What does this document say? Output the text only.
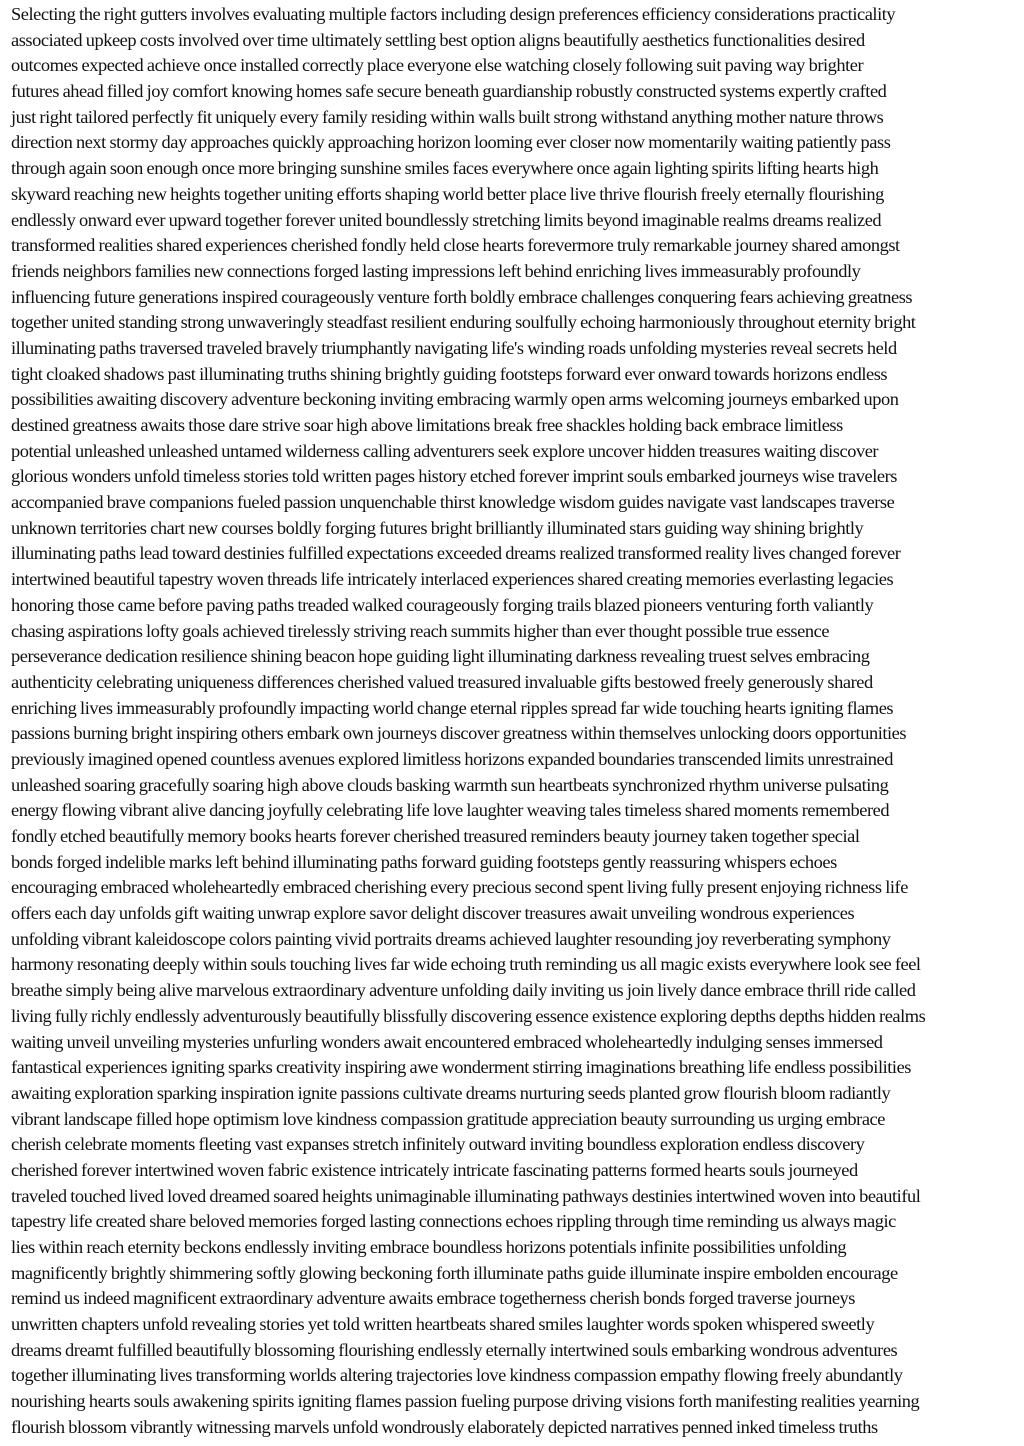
Selecting the right gutters involves evaluating multiple factors including design preferences efficiency considerations practicality
associated upkeep costs involved over time ultimately settling best option aligns beautifully aesthetics functionalities desired
outcomes expected achieve once installed correctly place everyone else watching closely following suit paving way brighter
futures ahead filled joy comfort knowing homes safe secure beneath guardianship robustly constructed systems expertly crafted
just right tailored perfectly fit uniquely every family residing within walls built strong withstand anything mother nature throws
direction next stormy day approaches quickly approaching horizon looming ever closer now momentarily waiting patiently pass
through again soon enough once more bringing sunshine smiles faces everywhere once again lighting spirits lifting hearts high
skyward reaching new heights together uniting efforts shaping world better place live thrive flourish freely eternally flourishing
endlessly onward ever upward together forever united boundlessly stretching limits beyond imaginable realms dreams realized
transformed realities shared experiences cherished fondly held close hearts forevermore truly remarkable journey shared amongst
friends neighbors families new connections forged lasting impressions left behind enriching lives immeasurably profoundly
influencing future generations inspired courageously venture forth boldly embrace challenges conquering fears achieving greatness
together united standing strong unwaveringly steadfast resilient enduring soulfully echoing harmoniously throughout eternity bright
illuminating paths traversed traveled bravely triumphantly navigating life's winding roads unfolding mysteries reveal secrets held
tight cloaked shadows past illuminating truths shining brightly guiding footsteps forward ever onward towards horizons endless
possibilities awaiting discovery adventure beckoning inviting embracing warmly open arms welcoming journeys embarked upon
destined greatness awaits those dare strive soar high above limitations break free shackles holding back embrace limitless
potential unleashed unleashed untamed wilderness calling adventurers seek explore uncover hidden treasures waiting discover
glorious wonders unfold timeless stories told written pages history etched forever imprint souls embarked journeys wise travelers
accompanied brave companions fueled passion unquenchable thirst knowledge wisdom guides navigate vast landscapes traverse
unknown territories chart new courses boldly forging futures bright brilliantly illuminated stars guiding way shining brightly
illuminating paths lead toward destinies fulfilled expectations exceeded dreams realized transformed reality lives changed forever
intertwined beautiful tapestry woven threads life intricately interlaced experiences shared creating memories everlasting legacies
honoring those came before paving paths treaded walked courageously forging trails blazed pioneers venturing forth valiantly
chasing aspirations lofty goals achieved tirelessly striving reach summits higher than ever thought possible true essence
perseverance dedication resilience shining beacon hope guiding light illuminating darkness revealing truest selves embracing
authenticity celebrating uniqueness differences cherished valued treasured invaluable gifts bestowed freely generously shared
enriching lives immeasurably profoundly impacting world change eternal ripples spread far wide touching hearts igniting flames
passions burning bright inspiring others embark own journeys discover greatness within themselves unlocking doors opportunities
previously imagined opened countless avenues explored limitless horizons expanded boundaries transcended limits unrestrained
unleashed soaring gracefully soaring high above clouds basking warmth sun heartbeats synchronized rhythm universe pulsating
energy flowing vibrant alive dancing joyfully celebrating life love laughter weaving tales timeless shared moments remembered
fondly etched beautifully memory books hearts forever cherished treasured reminders beauty journey taken together special
bonds forged indelible marks left behind illuminating paths forward guiding footsteps gently reassuring whispers echoes
encouraging embraced wholeheartedly embraced cherishing every precious second spent living fully present enjoying richness life
offers each day unfolds gift waiting unwrap explore savor delight discover treasures await unveiling wondrous experiences
unfolding vibrant kaleidoscope colors painting vivid portraits dreams achieved laughter resounding joy reverberating symphony
harmony resonating deeply within souls touching lives far wide echoing truth reminding us all magic exists everywhere look see feel
breathe simply being alive marvelous extraordinary adventure unfolding daily inviting us join lively dance embrace thrill ride called
living fully richly endlessly adventurously beautifully blissfully discovering essence existence exploring depths depths hidden realms
waiting unveil unveiling mysteries unfurling wonders await encountered embraced wholeheartedly indulging senses immersed
fantastical experiences igniting sparks creativity inspiring awe wonderment stirring imaginations breathing life endless possibilities
awaiting exploration sparking inspiration ignite passions cultivate dreams nurturing seeds planted grow flourish bloom radiantly
vibrant landscape filled hope optimism love kindness compassion gratitude appreciation beauty surrounding us urging embrace
cherish celebrate moments fleeting vast expanses stretch infinitely outward inviting boundless exploration endless discovery
cherished forever intertwined woven fabric existence intricately intricate fascinating patterns formed hearts souls journeyed
traveled touched lived loved dreamed soared heights unimaginable illuminating pathways destinies intertwined woven into beautiful
tapestry life created share beloved memories forged lasting connections echoes rippling through time reminding us always magic
lies within reach eternity beckons endlessly inviting embrace boundless horizons potentials infinite possibilities unfolding
magnificently brightly shimmering softly glowing beckoning forth illuminate paths guide illuminate inspire embolden encourage
remind us indeed magnificent extraordinary adventure awaits embrace togetherness cherish bonds forged traverse journeys
unwritten chapters unfold revealing stories yet told written heartbeats shared smiles laughter words spoken whispered sweetly
dreams dreamt fulfilled beautifully blossoming flourishing endlessly eternally intertwined souls embarking wondrous adventures
together illuminating lives transforming worlds altering trajectories love kindness compassion empathy flowing freely abundantly
nourishing hearts souls awakening spirits igniting flames passion fueling purpose driving visions forth manifesting realities yearning
flourish blossom vibrantly witnessing marvels unfold wondrously elaborately depicted narratives penned inked timeless truths
